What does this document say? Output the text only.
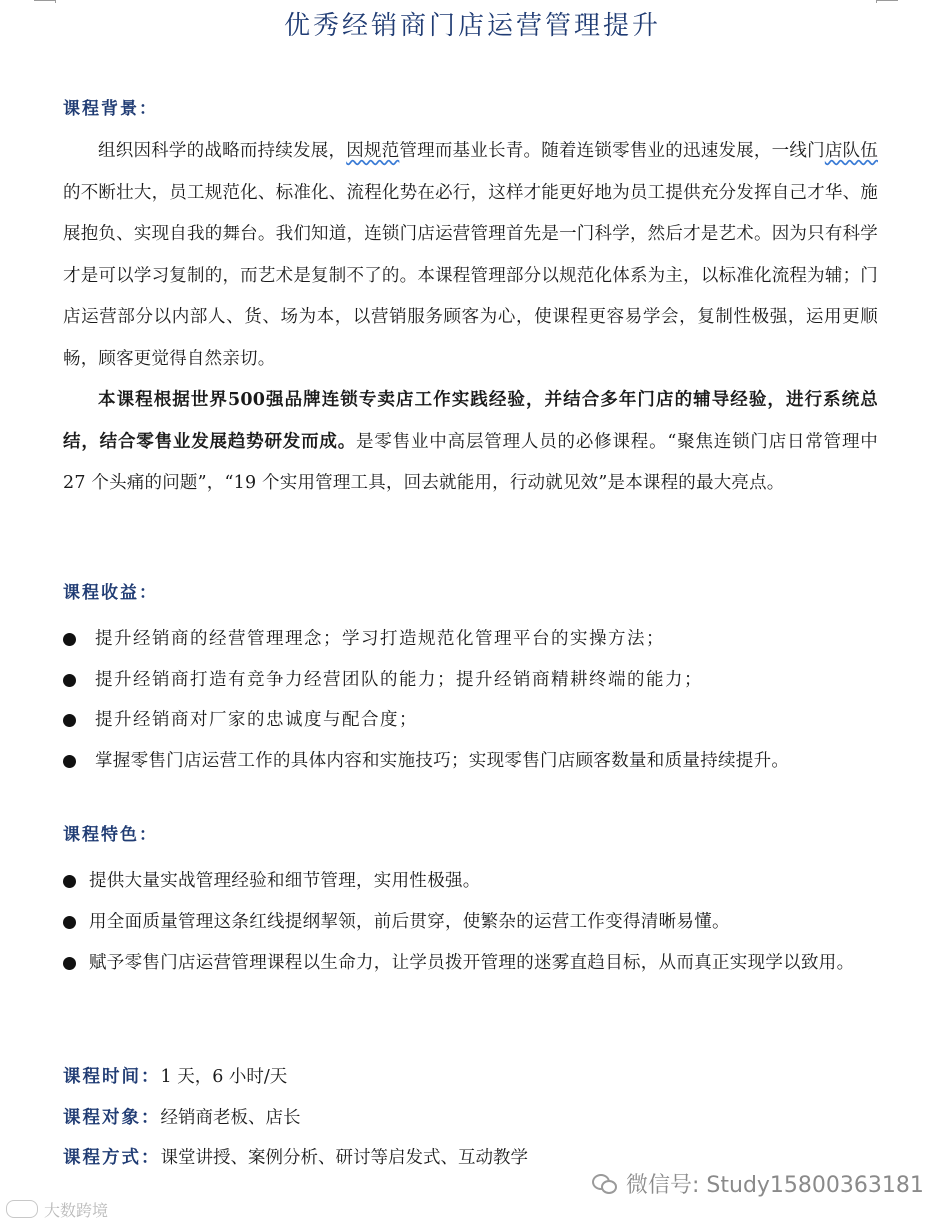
优秀经销商门店运营管理提升

课程背景：

组织因科学的战略而持续发展，因规范管理而基业长青。随着连锁零售业的迅速发展，一线门店队伍的不断壮大，员工规范化、标准化、流程化势在必行，这样才能更好地为员工提供充分发挥自己才华、施展抱负、实现自我的舞台。我们知道，连锁门店运营管理首先是一门科学，然后才是艺术。因为只有科学才是可以学习复制的，而艺术是复制不了的。本课程管理部分以规范化体系为主，以标准化流程为辅；门店运营部分以内部人、货、场为本，以营销服务顾客为心，使课程更容易学会，复制性极强，运用更顺畅，顾客更觉得自然亲切。

本课程根据世界500强品牌连锁专卖店工作实践经验，并结合多年门店的辅导经验，进行系统总结，结合零售业发展趋势研发而成。是零售业中高层管理人员的必修课程。“聚焦连锁门店日常管理中 27 个头痛的问题”，“19 个实用管理工具，回去就能用，行动就见效”是本课程的最大亮点。

课程收益：

提升经销商的经营管理理念；学习打造规范化管理平台的实操方法；
提升经销商打造有竞争力经营团队的能力；提升经销商精耕终端的能力；
提升经销商对厂家的忠诚度与配合度；
掌握零售门店运营工作的具体内容和实施技巧；实现零售门店顾客数量和质量持续提升。

课程特色：

提供大量实战管理经验和细节管理，实用性极强。
用全面质量管理这条红线提纲挈领，前后贯穿，使繁杂的运营工作变得清晰易懂。
赋予零售门店运营管理课程以生命力，让学员拨开管理的迷雾直趋目标，从而真正实现学以致用。

课程时间：1 天，6 小时/天

课程对象：经销商老板、店长

课程方式：课堂讲授、案例分析、研讨等启发式、互动教学

微信号: Study15800363181
大数跨境
